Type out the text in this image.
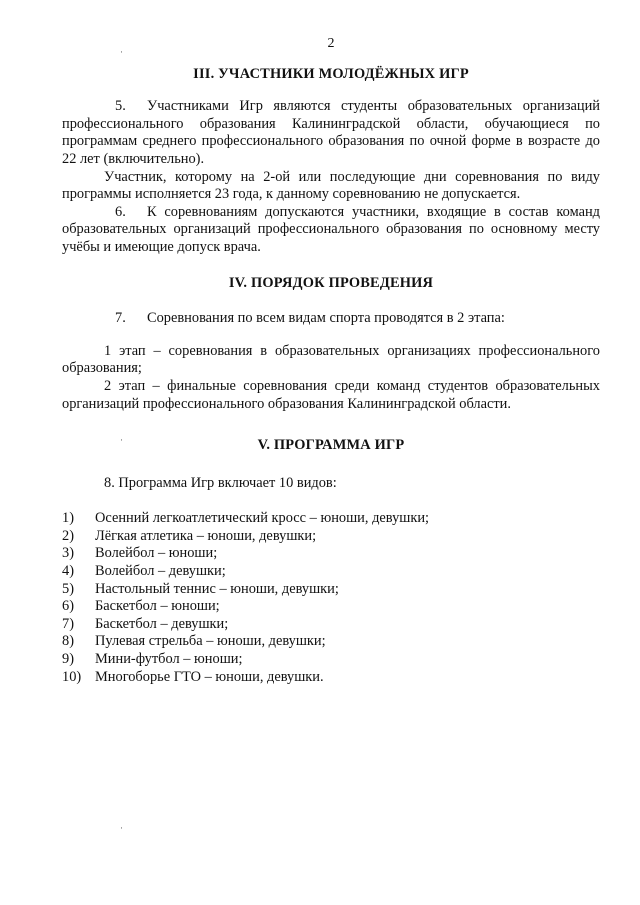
·
·
·
2
III. УЧАСТНИКИ МОЛОДЁЖНЫХ ИГР

5. Участниками Игр являются студенты образовательных организаций профессионального образования Калининградской области, обучающиеся по программам среднего профессионального образования по очной форме в возрасте до 22 лет (включительно).

Участник, которому на 2-ой или последующие дни соревнования по виду программы исполняется 23 года, к данному соревнованию не допускается.

6. К соревнованиям допускаются участники, входящие в состав команд образовательных организаций профессионального образования по основному месту учёбы и имеющие допуск врача.

IV. ПОРЯДОК ПРОВЕДЕНИЯ

7. Соревнования по всем видам спорта проводятся в 2 этапа:

1 этап – соревнования в образовательных организациях профессионального образования;

2 этап – финальные соревнования среди команд студентов образовательных организаций профессионального образования Калининградской области.

V. ПРОГРАММА ИГР

8. Программа Игр включает 10 видов:

1)	Осенний легкоатлетический кросс – юноши, девушки;
2)	Лёгкая атлетика – юноши, девушки;
3)	Волейбол – юноши;
4)	Волейбол – девушки;
5)	Настольный теннис – юноши, девушки;
6)	Баскетбол – юноши;
7)	Баскетбол – девушки;
8)	Пулевая стрельба – юноши, девушки;
9)	Мини-футбол – юноши;
10) Многоборье ГТО – юноши, девушки.
